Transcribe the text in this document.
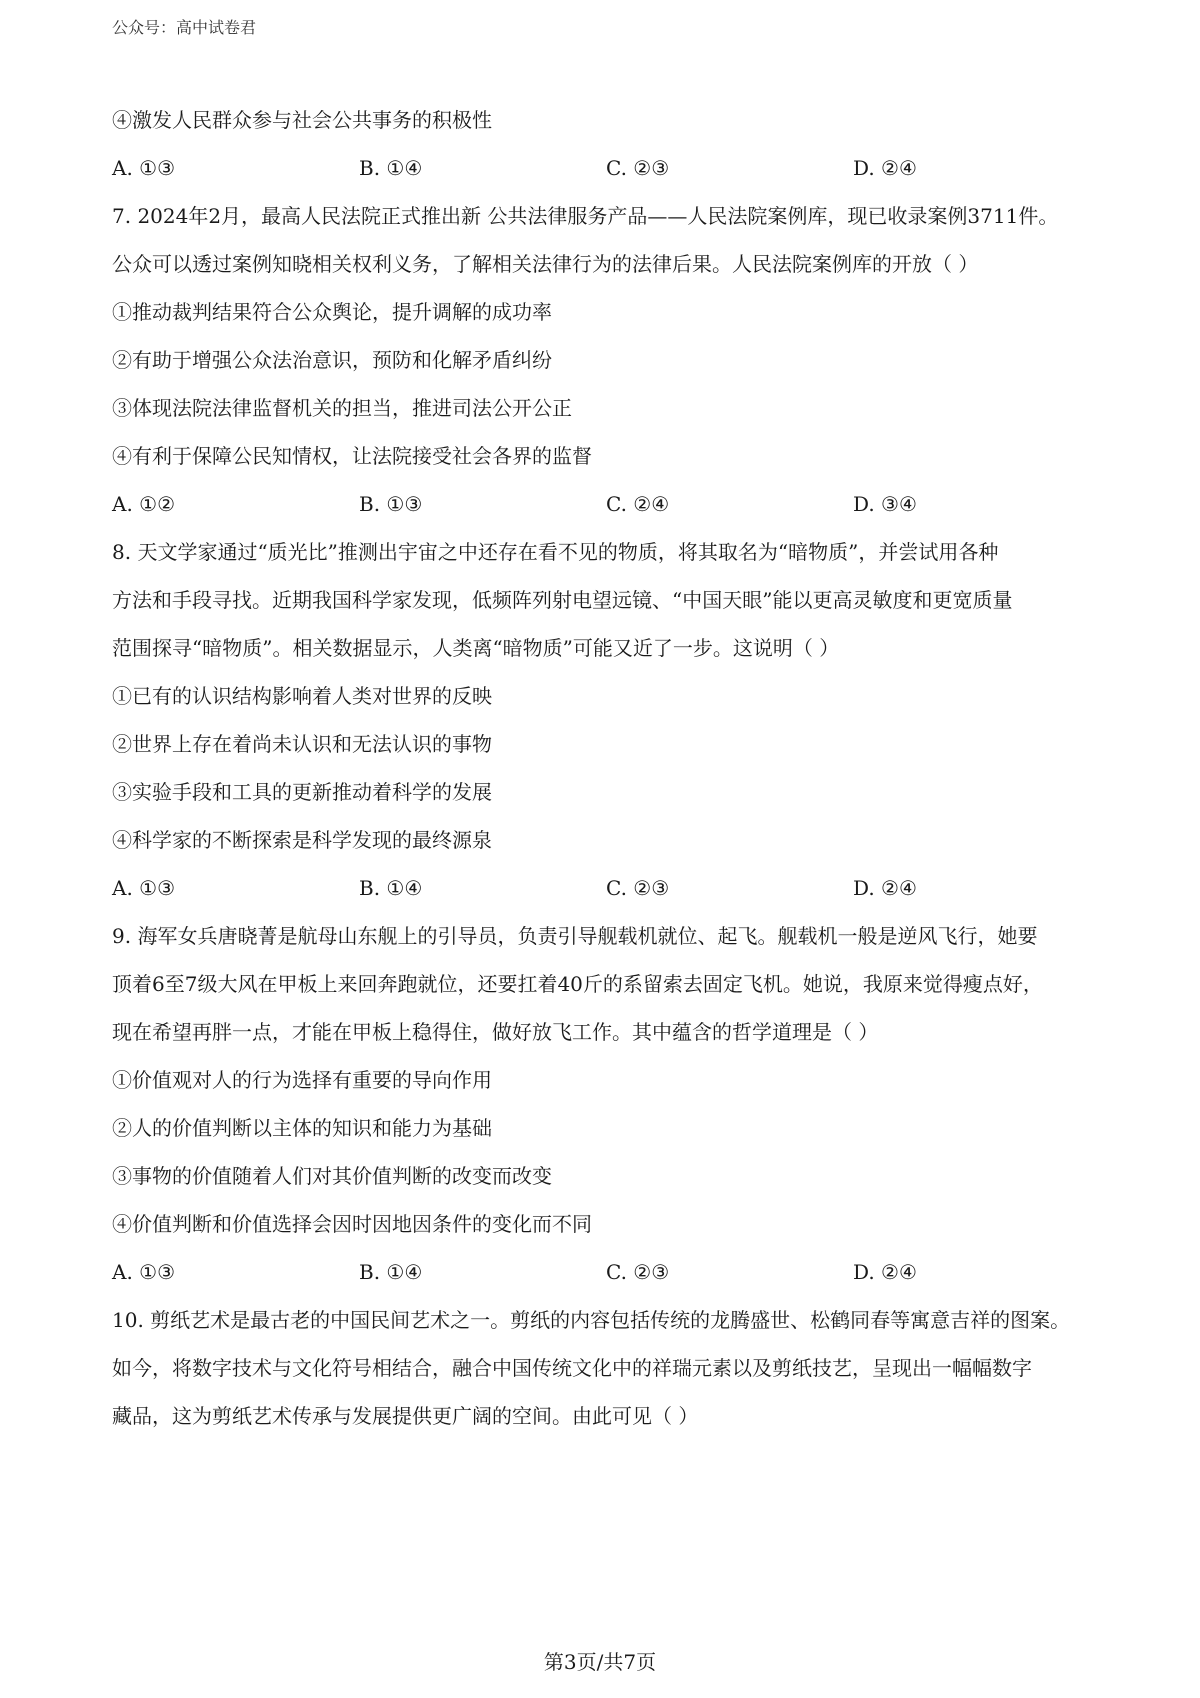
公众号：高中试卷君
④激发人民群众参与社会公共事务的积极性
A. ①③	B. ①④	C. ②③	D. ②④
7. 2024年2月，最高人民法院正式推出新 公共法律服务产品——人民法院案例库，现已收录案例3711件。
公众可以透过案例知晓相关权利义务，了解相关法律行为的法律后果。人民法院案例库的开放（ ）
①推动裁判结果符合公众舆论，提升调解的成功率
②有助于增强公众法治意识，预防和化解矛盾纠纷
③体现法院法律监督机关的担当，推进司法公开公正
④有利于保障公民知情权，让法院接受社会各界的监督
A. ①②	B. ①③	C. ②④	D. ③④
8. 天文学家通过“质光比”推测出宇宙之中还存在看不见的物质，将其取名为“暗物质”，并尝试用各种
方法和手段寻找。近期我国科学家发现，低频阵列射电望远镜、“中国天眼”能以更高灵敏度和更宽质量
范围探寻“暗物质”。相关数据显示，人类离“暗物质”可能又近了一步。这说明（ ）
①已有的认识结构影响着人类对世界的反映
②世界上存在着尚未认识和无法认识的事物
③实验手段和工具的更新推动着科学的发展
④科学家的不断探索是科学发现的最终源泉
A. ①③	B. ①④	C. ②③	D. ②④
9. 海军女兵唐晓菁是航母山东舰上的引导员，负责引导舰载机就位、起飞。舰载机一般是逆风飞行，她要
顶着6至7级大风在甲板上来回奔跑就位，还要扛着40斤的系留索去固定飞机。她说，我原来觉得瘦点好，
现在希望再胖一点，才能在甲板上稳得住，做好放飞工作。其中蕴含的哲学道理是（ ）
①价值观对人的行为选择有重要的导向作用
②人的价值判断以主体的知识和能力为基础
③事物的价值随着人们对其价值判断的改变而改变
④价值判断和价值选择会因时因地因条件的变化而不同
A. ①③	B. ①④	C. ②③	D. ②④
10. 剪纸艺术是最古老的中国民间艺术之一。剪纸的内容包括传统的龙腾盛世、松鹤同春等寓意吉祥的图案。
如今，将数字技术与文化符号相结合，融合中国传统文化中的祥瑞元素以及剪纸技艺，呈现出一幅幅数字
藏品，这为剪纸艺术传承与发展提供更广阔的空间。由此可见（ ）
第3页/共7页
